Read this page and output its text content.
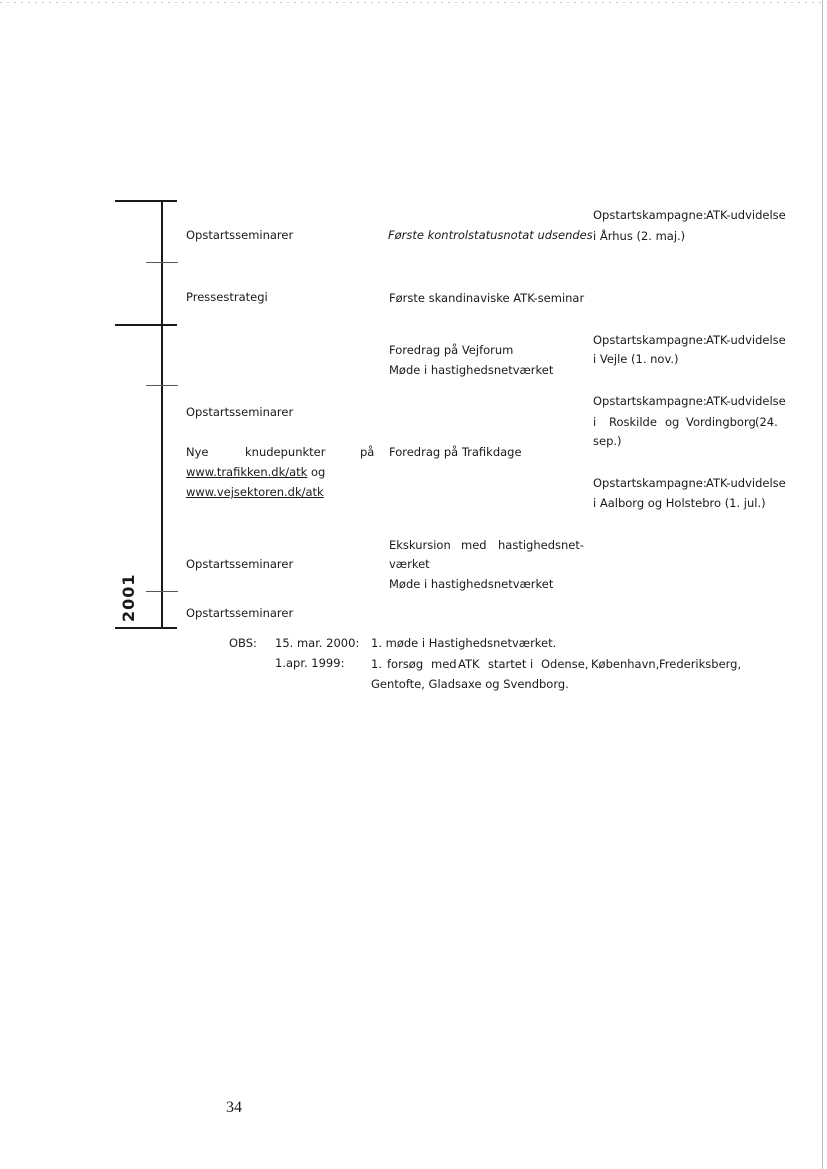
2001
Opstartsseminarer
Pressestrategi
Opstartsseminarer
Nye	knudepunkter	på
www.trafikken.dk/atk og
www.vejsektoren.dk/atk
Opstartsseminarer
Opstartsseminarer
Første kontrolstatusnotat udsendes
Første skandinaviske ATK-seminar
Foredrag på Vejforum
Møde i hastighedsnetværket
Foredrag på Trafikdage
Ekskursion med hastighedsnet-
værket
Møde i hastighedsnetværket
Opstartskampagne: ATK-udvidelse
i Århus (2. maj.)
Opstartskampagne: ATK-udvidelse
i Vejle (1. nov.)
Opstartskampagne: ATK-udvidelse
i Roskilde og Vordingborg (24.
sep.)
Opstartskampagne: ATK-udvidelse
i Aalborg og Holstebro (1. jul.)
OBS: 15. mar. 2000: 1. møde i Hastighedsnetværket.
1.apr. 1999: 1. forsøg med ATK startet i Odense, København, Frederiksberg,
Gentofte, Gladsaxe og Svendborg.
34
